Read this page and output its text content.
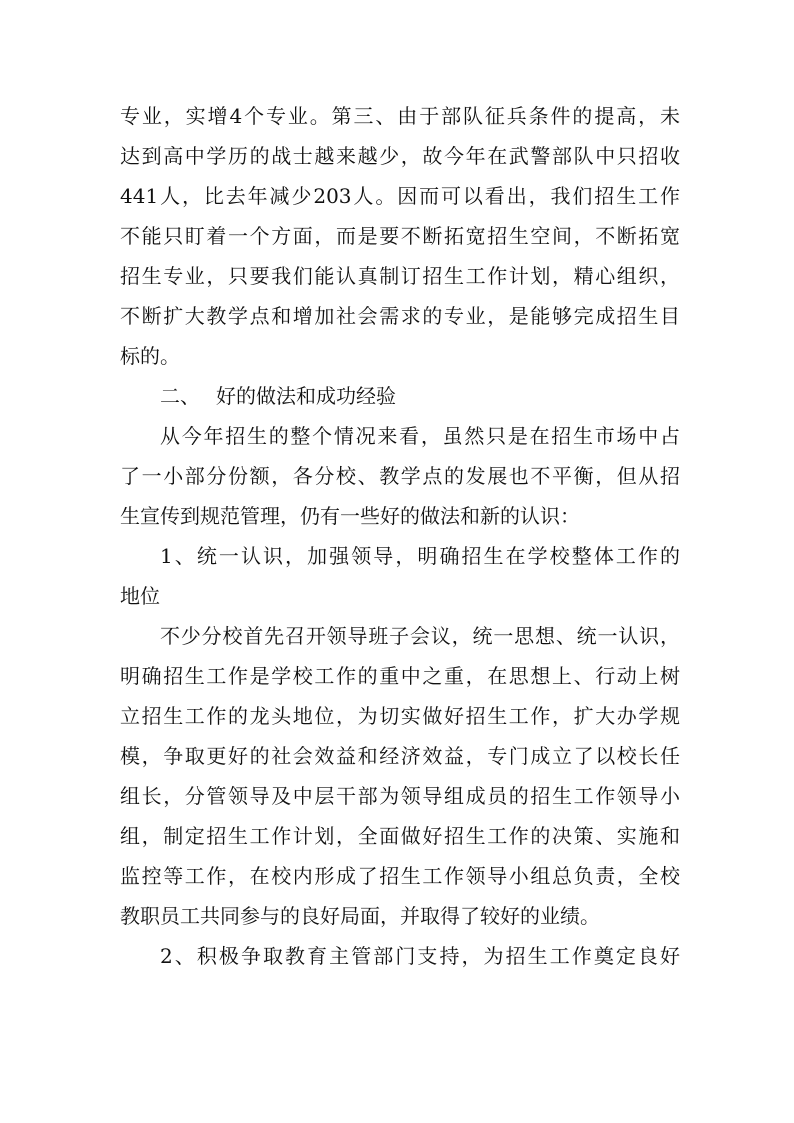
专业，实增4个专业。第三、由于部队征兵条件的提高，未
达到高中学历的战士越来越少，故今年在武警部队中只招收
441人，比去年减少203人。因而可以看出，我们招生工作
不能只盯着一个方面，而是要不断拓宽招生空间，不断拓宽
招生专业，只要我们能认真制订招生工作计划，精心组织，
不断扩大教学点和增加社会需求的专业，是能够完成招生目
标的。
二、 好的做法和成功经验
从今年招生的整个情况来看，虽然只是在招生市场中占
了一小部分份额，各分校、教学点的发展也不平衡，但从招
生宣传到规范管理，仍有一些好的做法和新的认识：
1、统一认识，加强领导，明确招生在学校整体工作的
地位
不少分校首先召开领导班子会议，统一思想、统一认识，
明确招生工作是学校工作的重中之重，在思想上、行动上树
立招生工作的龙头地位，为切实做好招生工作，扩大办学规
模，争取更好的社会效益和经济效益，专门成立了以校长任
组长，分管领导及中层干部为领导组成员的招生工作领导小
组，制定招生工作计划，全面做好招生工作的决策、实施和
监控等工作，在校内形成了招生工作领导小组总负责，全校
教职员工共同参与的良好局面，并取得了较好的业绩。
2、积极争取教育主管部门支持，为招生工作奠定良好
